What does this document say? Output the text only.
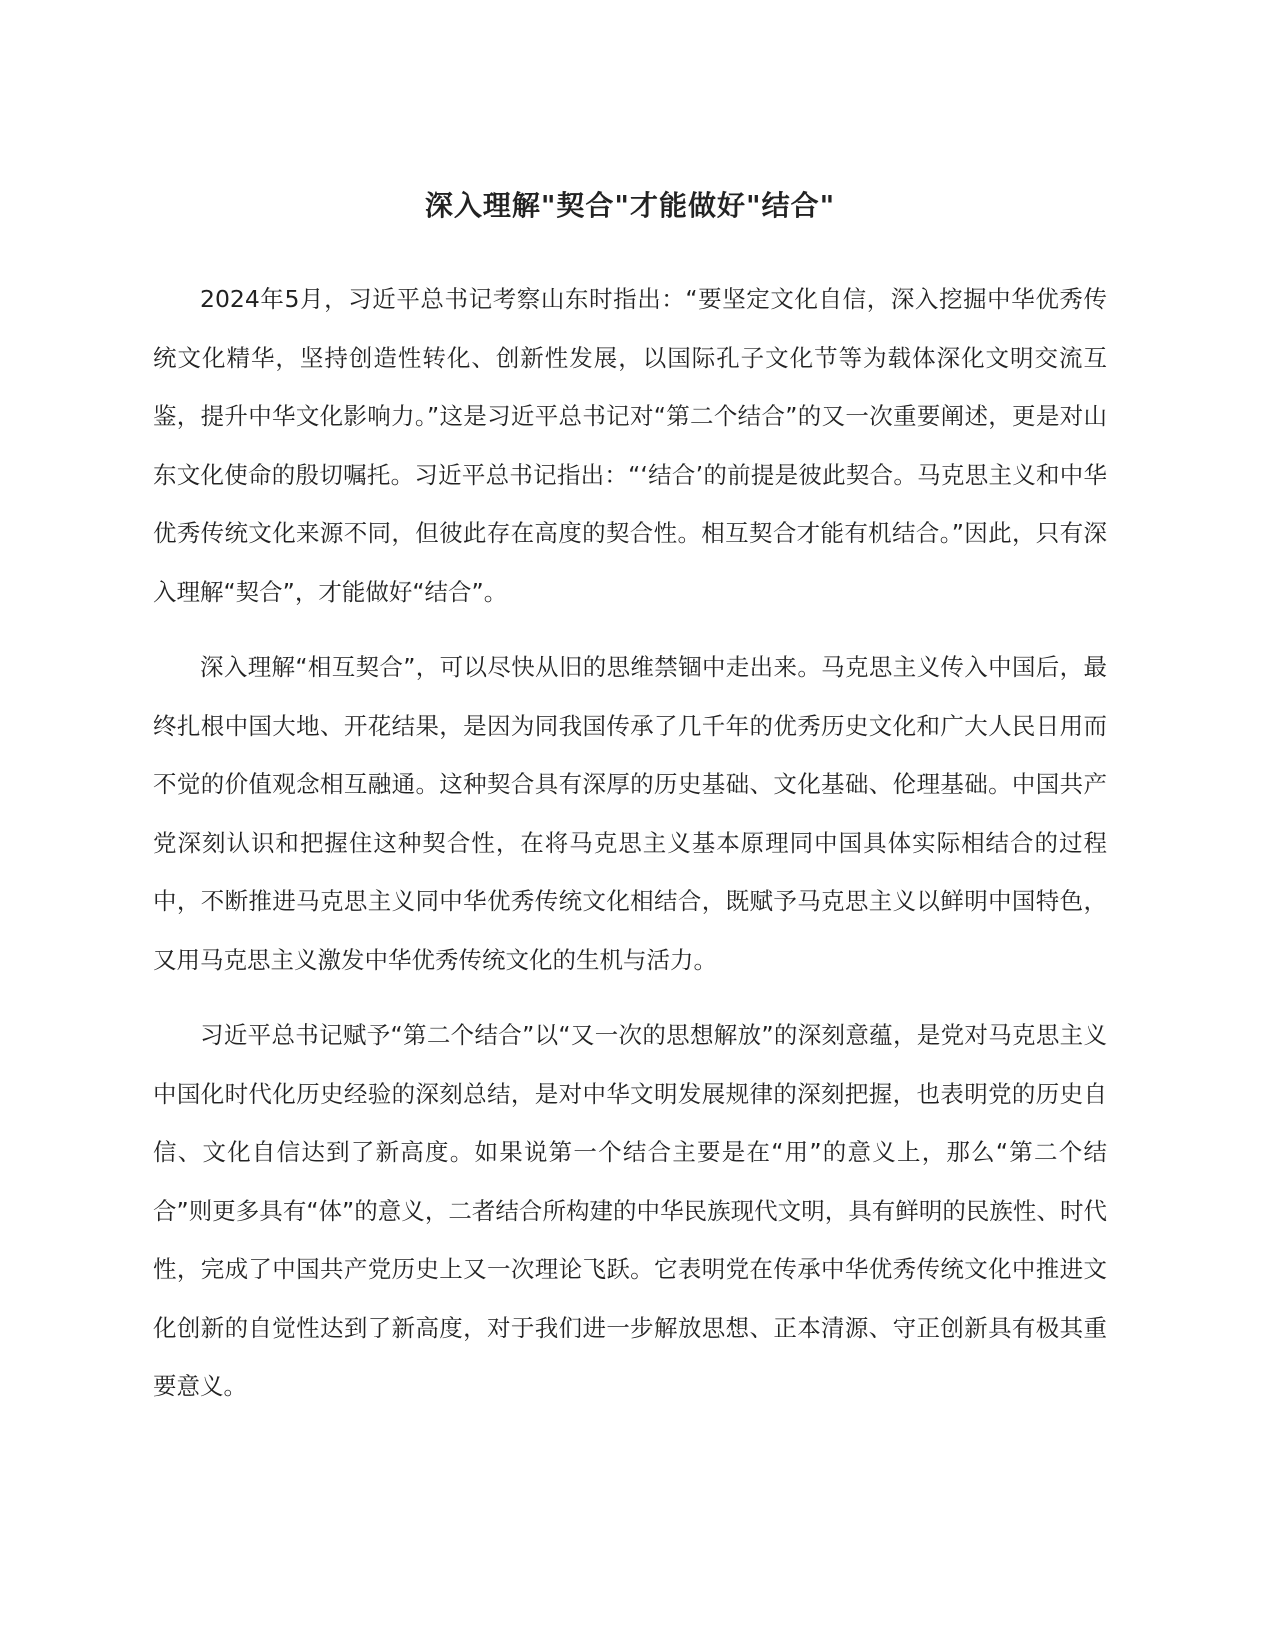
深入理解"契合"才能做好"结合"

2024年5月，习近平总书记考察山东时指出：“要坚定文化自信，深入挖掘中华优秀传统文化精华，坚持创造性转化、创新性发展，以国际孔子文化节等为载体深化文明交流互鉴，提升中华文化影响力。”这是习近平总书记对“第二个结合”的又一次重要阐述，更是对山东文化使命的殷切嘱托。习近平总书记指出：“‘结合’的前提是彼此契合。马克思主义和中华优秀传统文化来源不同，但彼此存在高度的契合性。相互契合才能有机结合。”因此，只有深入理解“契合”，才能做好“结合”。

深入理解“相互契合”，可以尽快从旧的思维禁锢中走出来。马克思主义传入中国后，最终扎根中国大地、开花结果，是因为同我国传承了几千年的优秀历史文化和广大人民日用而不觉的价值观念相互融通。这种契合具有深厚的历史基础、文化基础、伦理基础。中国共产党深刻认识和把握住这种契合性，在将马克思主义基本原理同中国具体实际相结合的过程中，不断推进马克思主义同中华优秀传统文化相结合，既赋予马克思主义以鲜明中国特色，又用马克思主义激发中华优秀传统文化的生机与活力。

习近平总书记赋予“第二个结合”以“又一次的思想解放”的深刻意蕴，是党对马克思主义中国化时代化历史经验的深刻总结，是对中华文明发展规律的深刻把握，也表明党的历史自信、文化自信达到了新高度。如果说第一个结合主要是在“用”的意义上，那么“第二个结合”则更多具有“体”的意义，二者结合所构建的中华民族现代文明，具有鲜明的民族性、时代性，完成了中国共产党历史上又一次理论飞跃。它表明党在传承中华优秀传统文化中推进文化创新的自觉性达到了新高度，对于我们进一步解放思想、正本清源、守正创新具有极其重要意义。
